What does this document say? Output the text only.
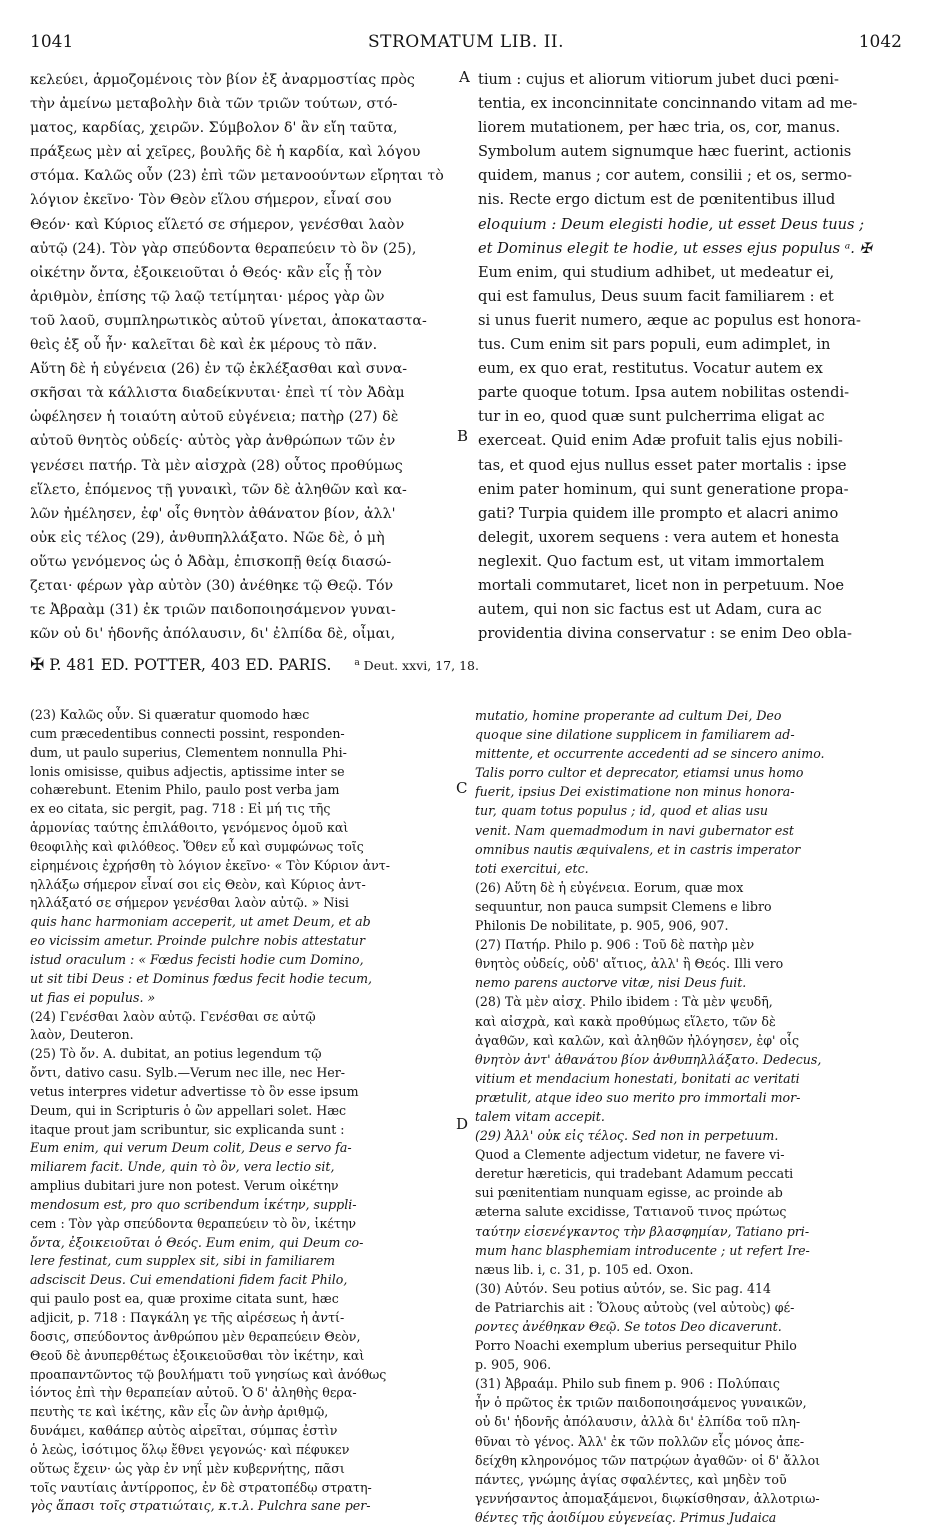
1041	STROMATUM LIB. II.	1042
κελεύει, ἁρμοζομένοις τὸν βίον ἐξ ἀναρμοστίας πρὸς
τὴν ἀμείνω μεταβολὴν διὰ τῶν τριῶν τούτων, στό-
ματος, καρδίας, χειρῶν. Σύμβολον δ' ἂν εἴη ταῦτα,
πράξεως μὲν αἱ χεῖρες, βουλῆς δὲ ἡ καρδία, καὶ λόγου
στόμα. Καλῶς οὖν (23) ἐπὶ τῶν μετανοούντων εἴρηται τὸ
λόγιον ἐκεῖνο· Τὸν Θεὸν εἵλου σήμερον, εἶναί σου
Θεόν· καὶ Κύριος εἵλετό σε σήμερον, γενέσθαι λαὸν
αὐτῷ (24). Τὸν γὰρ σπεύδοντα θεραπεύειν τὸ ὂν (25),
οἰκέτην ὄντα, ἐξοικειοῦται ὁ Θεός· κἂν εἷς ᾖ τὸν
ἀριθμὸν, ἐπίσης τῷ λαῷ τετίμηται· μέρος γὰρ ὢν
τοῦ λαοῦ, συμπληρωτικὸς αὐτοῦ γίνεται, ἀποκαταστα-
θεὶς ἐξ οὗ ἦν· καλεῖται δὲ καὶ ἐκ μέρους τὸ πᾶν.
Αὕτη δὲ ἡ εὐγένεια (26) ἐν τῷ ἐκλέξασθαι καὶ συνα-
σκῆσαι τὰ κάλλιστα διαδείκνυται· ἐπεὶ τί τὸν Ἀδὰμ
ὠφέλησεν ἡ τοιαύτη αὐτοῦ εὐγένεια; πατὴρ (27) δὲ
αὐτοῦ θνητὸς οὐδείς· αὐτὸς γὰρ ἀνθρώπων τῶν ἐν
γενέσει πατήρ. Τὰ μὲν αἰσχρὰ (28) οὗτος προθύμως
εἵλετο, ἑπόμενος τῇ γυναικὶ, τῶν δὲ ἀληθῶν καὶ κα-
λῶν ἠμέλησεν, ἐφ' οἷς θνητὸν ἀθάνατον βίον, ἀλλ'
οὐκ εἰς τέλος (29), ἀνθυπηλλάξατο. Νῶε δὲ, ὁ μὴ
οὕτω γενόμενος ὡς ὁ Ἀδὰμ, ἐπισκοπῇ θείᾳ διασώ-
ζεται· φέρων γὰρ αὐτὸν (30) ἀνέθηκε τῷ Θεῷ. Τόν
τε Ἀβραὰμ (31) ἐκ τριῶν παιδοποιησάμενον γυναι-
κῶν οὐ δι' ἡδονῆς ἀπόλαυσιν, δι' ἐλπίδα δὲ, οἶμαι,
tium : cujus et aliorum vitiorum jubet duci pœni-
tentia, ex inconcinnitate concinnando vitam ad me-
liorem mutationem, per hæc tria, os, cor, manus.
Symbolum autem signumque hæc fuerint, actionis
quidem, manus ; cor autem, consilii ; et os, sermo-
nis. Recte ergo dictum est de pœnitentibus illud
eloquium : Deum elegisti hodie, ut esset Deus tuus ;
et Dominus elegit te hodie, ut esses ejus populus ᵃ. ✠
Eum enim, qui studium adhibet, ut medeatur ei,
qui est famulus, Deus suum facit familiarem : et
si unus fuerit numero, æque ac populus est honora-
tus. Cum enim sit pars populi, eum adimplet, in
eum, ex quo erat, restitutus. Vocatur autem ex
parte quoque totum. Ipsa autem nobilitas ostendi-
tur in eo, quod quæ sunt pulcherrima eligat ac
exerceat. Quid enim Adæ profuit talis ejus nobili-
tas, et quod ejus nullus esset pater mortalis : ipse
enim pater hominum, qui sunt generatione propa-
gati? Turpia quidem ille prompto et alacri animo
delegit, uxorem sequens : vera autem et honesta
neglexit. Quo factum est, ut vitam immortalem
mortali commutaret, licet non in perpetuum. Noe
autem, qui non sic factus est ut Adam, cura ac
providentia divina conservatur : se enim Deo obla-
A
B
C
D
✠ P. 481 ED. POTTER, 403 ED. PARIS.	$^a$ Deut. xxvi, 17, 18.
(23) Καλῶς οὖν. Si quæratur quomodo hæc
cum præcedentibus connecti possint, responden-
dum, ut paulo superius, Clementem nonnulla Phi-
lonis omisisse, quibus adjectis, aptissime inter se
cohærebunt. Etenim Philo, paulo post verba jam
ex eo citata, sic pergit, pag. 718 : Εἰ μή τις τῆς
ἁρμονίας ταύτης ἐπιλάθοιτο, γενόμενος ὁμοῦ καὶ
θεοφιλὴς καὶ φιλόθεος. Ὅθεν εὖ καὶ συμφώνως τοῖς
εἰρημένοις ἐχρήσθη τὸ λόγιον ἐκεῖνο· « Τὸν Κύριον ἀντ-
ηλλάξω σήμερον εἶναί σοι εἰς Θεὸν, καὶ Κύριος ἀντ-
ηλλάξατό σε σήμερον γενέσθαι λαὸν αὐτῷ. » Nisi
quis hanc harmoniam acceperit, ut amet Deum, et ab
eo vicissim ametur. Proinde pulchre nobis attestatur
istud oraculum : « Fœdus fecisti hodie cum Domino,
ut sit tibi Deus : et Dominus fœdus fecit hodie tecum,
ut fias ei populus. »
(24) Γενέσθαι λαὸν αὐτῷ. Γενέσθαι σε αὐτῷ
λαὸν, Deuteron.
(25) Τὸ ὄν. A. dubitat, an potius legendum τῷ
ὄντι, dativo casu. Sylb.—Verum nec ille, nec Her-
vetus interpres videtur advertisse τὸ ὂν esse ipsum
Deum, qui in Scripturis ὁ ὢν appellari solet. Hæc
itaque prout jam scribuntur, sic explicanda sunt :
Eum enim, qui verum Deum colit, Deus e servo fa-
miliarem facit. Unde, quin τὸ ὂν, vera lectio sit,
amplius dubitari jure non potest. Verum οἰκέτην
mendosum est, pro quo scribendum ἱκέτην, suppli-
cem : Τὸν γὰρ σπεύδοντα θεραπεύειν τὸ ὂν, ἱκέτην
ὄντα, ἐξοικειοῦται ὁ Θεός. Eum enim, qui Deum co-
lere festinat, cum supplex sit, sibi in familiarem
adsciscit Deus. Cui emendationi fidem facit Philo,
qui paulo post ea, quæ proxime citata sunt, hæc
adjicit, p. 718 : Παγκάλη γε τῆς αἱρέσεως ἡ ἀντί-
δοσις, σπεύδοντος ἀνθρώπου μὲν θεραπεύειν Θεὸν,
Θεοῦ δὲ ἀνυπερθέτως ἐξοικειοῦσθαι τὸν ἱκέτην, καὶ
προαπαντῶντος τῷ βουλήματι τοῦ γνησίως καὶ ἀνόθως
ἰόντος ἐπὶ τὴν θεραπείαν αὐτοῦ. Ὁ δ' ἀληθὴς θερα-
πευτὴς τε καὶ ἱκέτης, κἂν εἷς ὢν ἀνὴρ ἀριθμῷ,
δυνάμει, καθάπερ αὐτὸς αἰρεῖται, σύμπας ἐστὶν
ὁ λεὼς, ἰσότιμος ὅλῳ ἔθνει γεγονώς· καὶ πέφυκεν
οὕτως ἔχειν· ὡς γὰρ ἐν νηΐ μὲν κυβερνήτης, πᾶσι
τοῖς ναυτίαις ἀντίρροπος, ἐν δὲ στρατοπέδῳ στρατη-
γὸς ἅπασι τοῖς στρατιώταις, κ.τ.λ. Pulchra sane per-
mutatio, homine properante ad cultum Dei, Deo
quoque sine dilatione supplicem in familiarem ad-
mittente, et occurrente accedenti ad se sincero animo.
Talis porro cultor et deprecator, etiamsi unus homo
fuerit, ipsius Dei existimatione non minus honora-
tur, quam totus populus ; id, quod et alias usu
venit. Nam quemadmodum in navi gubernator est
omnibus nautis æquivalens, et in castris imperator
toti exercitui, etc.
(26) Αὕτη δὲ ἡ εὐγένεια. Eorum, quæ mox
sequuntur, non pauca sumpsit Clemens e libro
Philonis De nobilitate, p. 905, 906, 907.
(27) Πατήρ. Philo p. 906 : Τοῦ δὲ πατὴρ μὲν
θνητὸς οὐδείς, οὐδ' αἴτιος, ἀλλ' ἢ Θεός. Illi vero
nemo parens auctorve vitæ, nisi Deus fuit.
(28) Τὰ μὲν αἰσχ. Philo ibidem : Τὰ μὲν ψευδῆ,
καὶ αἰσχρὰ, καὶ κακὰ προθύμως εἵλετο, τῶν δὲ
ἀγαθῶν, καὶ καλῶν, καὶ ἀληθῶν ἠλόγησεν, ἐφ' οἷς
θνητὸν ἀντ' ἀθανάτου βίον ἀνθυπηλλάξατο. Dedecus,
vitium et mendacium honestati, bonitati ac veritati
prætulit, atque ideo suo merito pro immortali mor-
talem vitam accepit.
(29) Ἀλλ' οὐκ εἰς τέλος. Sed non in perpetuum.
Quod a Clemente adjectum videtur, ne favere vi-
deretur hæreticis, qui tradebant Adamum peccati
sui pœnitentiam nunquam egisse, ac proinde ab
æterna salute excidisse, Τατιανοῦ τινος πρώτως
ταύτην εἰσενέγκαντος τὴν βλασφημίαν, Tatiano pri-
mum hanc blasphemiam introducente ; ut refert Ire-
næus lib. i, c. 31, p. 105 ed. Oxon.
(30) Αὐτόν. Seu potius αὐτόν, se. Sic pag. 414
de Patriarchis ait : Ὅλους αὐτοὺς (vel αὐτοὺς) φέ-
ροντες ἀνέθηκαν Θεῷ. Se totos Deo dicaverunt.
Porro Noachi exemplum uberius persequitur Philo
p. 905, 906.
(31) Ἀβραάμ. Philo sub finem p. 906 : Πολύπαις
ἦν ὁ πρῶτος ἐκ τριῶν παιδοποιησάμενος γυναικῶν,
οὐ δι' ἡδονῆς ἀπόλαυσιν, ἀλλὰ δι' ἐλπίδα τοῦ πλη-
θῦναι τὸ γένος. Ἀλλ' ἐκ τῶν πολλῶν εἷς μόνος ἀπε-
δείχθη κληρονόμος τῶν πατρῴων ἀγαθῶν· οἱ δ' ἄλλοι
πάντες, γνώμης ἁγίας σφαλέντες, καὶ μηδὲν τοῦ
γεννήσαντος ἀπομαξάμενοι, διῳκίσθησαν, ἀλλοτριω-
θέντες τῆς ἀοιδίμου εὐγενείας. Primus Judaica
